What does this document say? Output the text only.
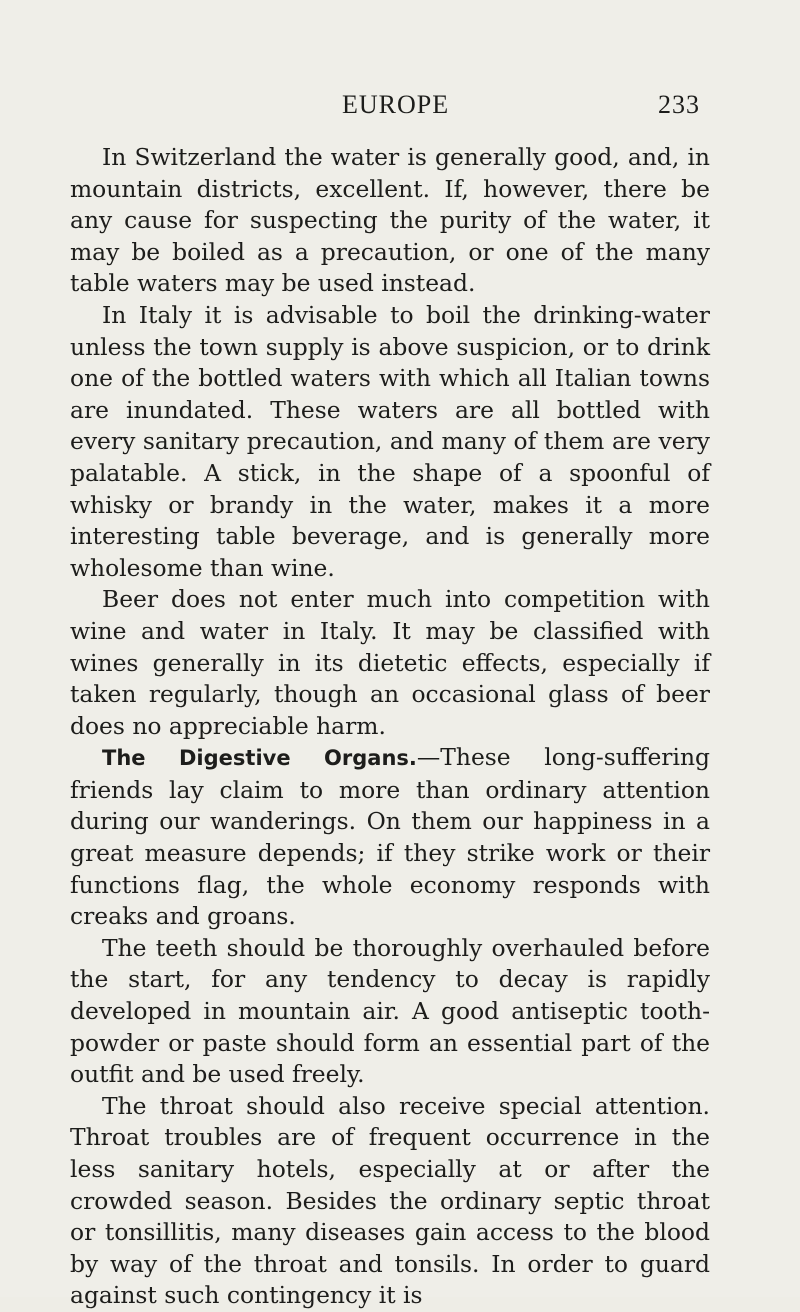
EUROPE	233

In Switzerland the water is generally good, and, in mountain districts, excellent. If, however, there be any cause for suspecting the purity of the water, it may be boiled as a precaution, or one of the many table waters may be used instead.

In Italy it is advisable to boil the drinking-water unless the town supply is above suspicion, or to drink one of the bottled waters with which all Italian towns are inundated. These waters are all bottled with every sanitary precaution, and many of them are very palatable. A stick, in the shape of a spoonful of whisky or brandy in the water, makes it a more interesting table beverage, and is generally more wholesome than wine.

Beer does not enter much into competition with wine and water in Italy. It may be classified with wines generally in its dietetic effects, especially if taken regularly, though an occasional glass of beer does no appreciable harm.

The Digestive Organs.—These long-suffering friends lay claim to more than ordinary attention during our wanderings. On them our happiness in a great measure depends; if they strike work or their functions flag, the whole economy responds with creaks and groans.

The teeth should be thoroughly overhauled before the start, for any tendency to decay is rapidly developed in mountain air. A good antiseptic tooth-powder or paste should form an essential part of the outfit and be used freely.

The throat should also receive special attention. Throat troubles are of frequent occurrence in the less sanitary hotels, especially at or after the crowded season. Besides the ordinary septic throat or tonsillitis, many diseases gain access to the blood by way of the throat and tonsils. In order to guard against such contingency it is
